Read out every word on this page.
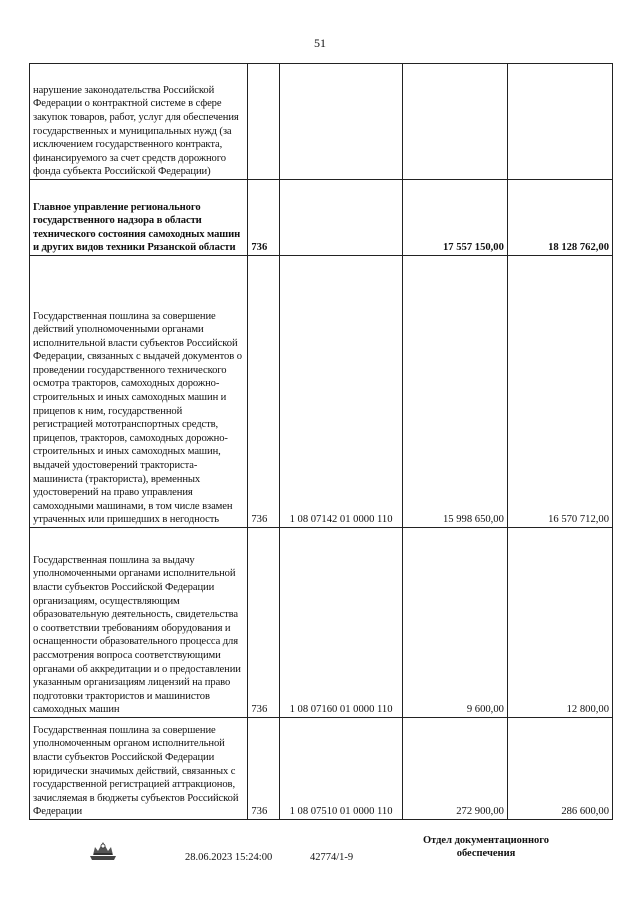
51
нарушение законодательства Российской Федерации о контрактной системе в сфере закупок товаров, работ, услуг для обеспечения государственных и муниципальных нужд (за исключением государственного контракта, финансируемого за счет средств дорожного фонда субъекта Российской Федерации)				
Главное управление регионального государственного надзора в области технического состояния самоходных машин и других видов техники Рязанской области	736		17 557 150,00	18 128 762,00
Государственная пошлина за совершение действий уполномоченными органами исполнительной власти субъектов Российской Федерации, связанных с выдачей документов о проведении государственного технического осмотра тракторов, самоходных дорожно-строительных и иных самоходных машин и прицепов к ним, государственной регистрацией мототранспортных средств, прицепов, тракторов, самоходных дорожно-строительных и иных самоходных машин, выдачей удостоверений тракториста-машиниста (тракториста), временных удостоверений на право управления самоходными машинами, в том числе взамен утраченных или пришедших в негодность	736	1 08 07142 01 0000 110	15 998 650,00	16 570 712,00
Государственная пошлина за выдачу уполномоченными органами исполнительной власти субъектов Российской Федерации организациям, осуществляющим образовательную деятельность, свидетельства о соответствии требованиям оборудования и оснащенности образовательного процесса для рассмотрения вопроса соответствующими органами об аккредитации и о предоставлении указанным организациям лицензий на право подготовки трактористов и машинистов самоходных машин	736	1 08 07160 01 0000 110	9 600,00	12 800,00
Государственная пошлина за совершение уполномоченным органом исполнительной власти субъектов Российской Федерации юридически значимых действий, связанных с государственной регистрацией аттракционов, зачисляемая в бюджеты субъектов Российской Федерации	736	1 08 07510 01 0000 110	272 900,00	286 600,00
28.06.2023 15:24:00	42774/1-9
Отдел документационного обеспечения
